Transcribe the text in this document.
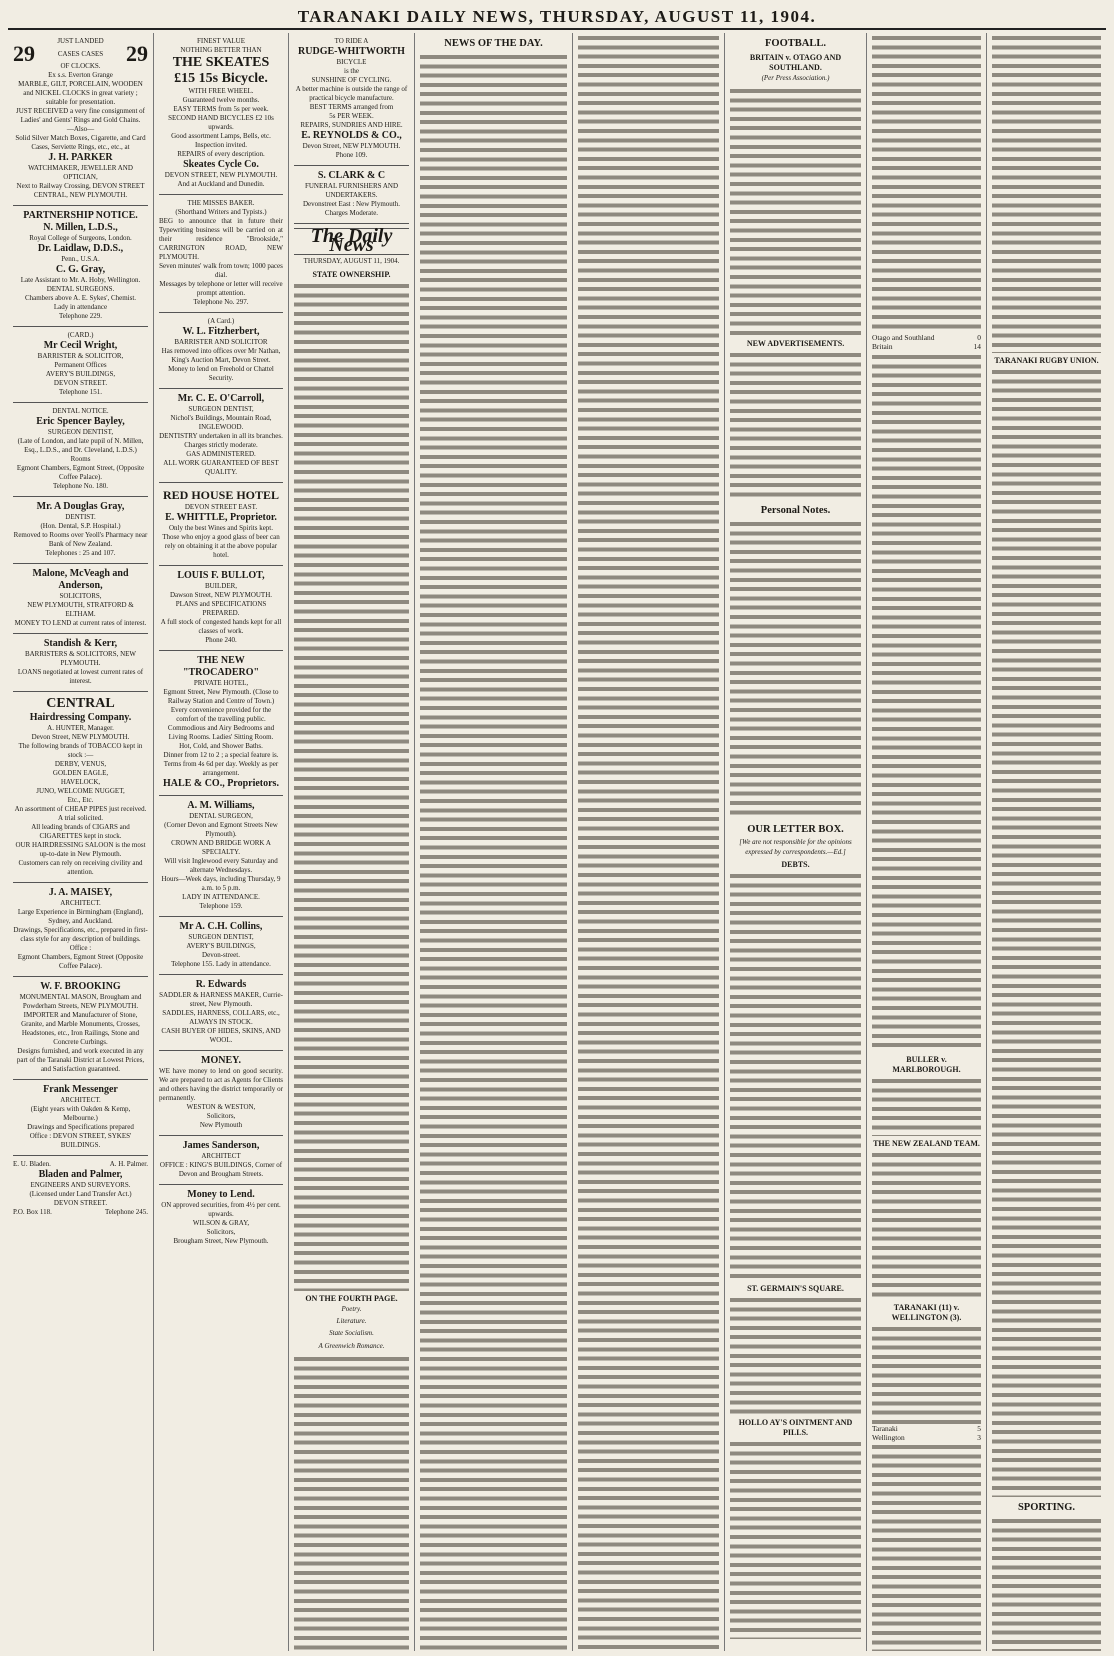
TARANAKI DAILY NEWS, THURSDAY, AUGUST 11, 1904.
JUST LANDED
29	CASES CASES 29
OF CLOCKS.
Ex s.s. Everton Grange
MARBLE, GILT, PORCELAIN, WOODEN and NICKEL CLOCKS in great variety ; suitable for presentation.
JUST RECEIVED a very fine consignment of Ladies' and Gents' Rings and Gold Chains.
—Also—
Solid Silver Match Boxes, Cigarette, and Card Cases, Serviette Rings, etc., etc., at
J. H. PARKER
WATCHMAKER, JEWELLER AND OPTICIAN,
Next to Railway Crossing, DEVON STREET CENTRAL, NEW PLYMOUTH.
PARTNERSHIP NOTICE.
N. Millen, L.D.S.,
Royal College of Surgeons, London.
Dr. Laidlaw, D.D.S.,
Penn., U.S.A.
C. G. Gray,
Late Assistant to Mr. A. Hoby, Wellington.
DENTAL SURGEONS.
Chambers above A. E. Sykes', Chemist.
Lady in attendance
Telephone 229.
(CARD.)
Mr Cecil Wright,
BARRISTER & SOLICITOR,
Permanent Offices
AVERY'S BUILDINGS,
DEVON STREET.
Telephone 151.
DENTAL NOTICE.
Eric Spencer Bayley,
SURGEON DENTIST,
(Late of London, and late pupil of N. Millen, Esq., L.D.S., and Dr. Cleveland, L.D.S.)
Rooms
Egmont Chambers, Egmont Street, (Opposite Coffee Palace).
Telephone No. 180.
Mr. A Douglas Gray,
DENTIST.
(Hon. Dental, S.P. Hospital.)
Removed to Rooms over Yeoll's Pharmacy near Bank of New Zealand.
Telephones : 25 and 107.
Malone, McVeagh and Anderson,
SOLICITORS,
NEW PLYMOUTH, STRATFORD & ELTHAM.
MONEY TO LEND at current rates of interest.
Standish & Kerr,
BARRISTERS & SOLICITORS, NEW PLYMOUTH.
LOANS negotiated at lowest current rates of interest.
CENTRAL
Hairdressing Company.
A. HUNTER, Manager.
Devon Street, NEW PLYMOUTH.
The following brands of TOBACCO kept in stock :—
DERBY, VENUS,
GOLDEN EAGLE,
HAVELOCK,
JUNO, WELCOME NUGGET,
Etc., Etc.
An assortment of CHEAP PIPES just received. A trial solicited.
All leading brands of CIGARS and CIGARETTES kept in stock.
OUR HAIRDRESSING SALOON is the most up-to-date in New Plymouth.
Customers can rely on receiving civility and attention.
J. A. MAISEY,
ARCHITECT.
Large Experience in Birmingham (England), Sydney, and Auckland.
Drawings, Specifications, etc., prepared in first-class style for any description of buildings.
Office :
Egmont Chambers, Egmont Street (Opposite Coffee Palace).
W. F. BROOKING
MONUMENTAL MASON, Brougham and Powderham Streets, NEW PLYMOUTH.
IMPORTER and Manufacturer of Stone, Granite, and Marble Monuments, Crosses, Headstones, etc., Iron Railings, Stone and Concrete Curbings.
Designs furnished, and work executed in any part of the Taranaki District at Lowest Prices, and Satisfaction guaranteed.
Frank Messenger
ARCHITECT.
(Eight years with Oakden & Kemp, Melbourne.)
Drawings and Specifications prepared
Office : DEVON STREET, SYKES' BUILDINGS.
E. U. Bladen.	A. H. Palmer.
Bladen and Palmer,
ENGINEERS AND SURVEYORS.
(Licensed under Land Transfer Act.)
DEVON STREET.
P.O. Box 118.	Telephone 245.
FINEST VALUE
NOTHING BETTER THAN
THE SKEATES
£15 15s Bicycle.
WITH FREE WHEEL.
Guaranteed twelve months.
EASY TERMS from 5s per week.
SECOND HAND BICYCLES £2 10s upwards.
Good assortment Lamps, Bells, etc.
Inspection invited.
REPAIRS of every description.
Skeates Cycle Co.
DEVON STREET, NEW PLYMOUTH.
And at Auckland and Dunedin.
THE MISSES BAKER.
(Shorthand Writers and Typists.)
BEG to announce that in future their Typewriting business will be carried on at their residence "Brookside," CARRINGTON ROAD, NEW PLYMOUTH.
Seven minutes' walk from town; 1000 paces dial.
Messages by telephone or letter will receive prompt attention.
Telephone No. 297.
(A Card.)
W. L. Fitzherbert,
BARRISTER AND SOLICITOR
Has removed into offices over Mr Nathan, King's Auction Mart, Devon Street.
Money to lend on Freehold or Chattel Security.
Mr. C. E. O'Carroll,
SURGEON DENTIST,
Nichol's Buildings, Mountain Road, INGLEWOOD.
DENTISTRY undertaken in all its branches. Charges strictly moderate.
GAS ADMINISTERED.
ALL WORK GUARANTEED OF BEST QUALITY.
RED HOUSE HOTEL
DEVON STREET EAST.
E. WHITTLE, Proprietor.
Only the best Wines and Spirits kept.
Those who enjoy a good glass of beer can rely on obtaining it at the above popular hotel.
LOUIS F. BULLOT,
BUILDER,
Dawson Street, NEW PLYMOUTH.
PLANS and SPECIFICATIONS PREPARED.
A full stock of congested hands kept for all classes of work.
Phone 240.
THE NEW "TROCADERO"
PRIVATE HOTEL,
Egmont Street, New Plymouth. (Close to Railway Station and Centre of Town.)
Every convenience provided for the comfort of the travelling public. Commodious and Airy Bedrooms and Living Rooms. Ladies' Sitting Room.
Hot, Cold, and Shower Baths.
Dinner from 12 to 2 ; a special feature is.
Terms from 4s 6d per day. Weekly as per arrangement.
HALE & CO., Proprietors.
A. M. Williams,
DENTAL SURGEON,
(Corner Devon and Egmont Streets New Plymouth).
CROWN AND BRIDGE WORK A SPECIALTY.
Will visit Inglewood every Saturday and alternate Wednesdays.
Hours—Week days, including Thursday, 9 a.m. to 5 p.m.
LADY IN ATTENDANCE.
Telephone 159.
Mr A. C.H. Collins,
SURGEON DENTIST,
AVERY'S BUILDINGS,
Devon-street.
Telephone 155. Lady in attendance.
R. Edwards
SADDLER & HARNESS MAKER, Currie-street, New Plymouth.
SADDLES, HARNESS, COLLARS, etc., ALWAYS IN STOCK.
CASH BUYER OF HIDES, SKINS, AND WOOL.
MONEY.
WE have money to lend on good security. We are prepared to act as Agents for Clients and others having the district temporarily or permanently.
WESTON & WESTON,
Solicitors,
New Plymouth
James Sanderson,
ARCHITECT
OFFICE : KING'S BUILDINGS, Corner of Devon and Brougham Streets.
Money to Lend.
ON approved securities, from 4½ per cent. upwards.
WILSON & GRAY,
Solicitors,
Brougham Street, New Plymouth.
TO RIDE A
RUDGE-WHITWORTH
BICYCLE
is the
SUNSHINE OF CYCLING.
A better machine is outside the range of practical bicycle manufacture.
BEST TERMS arranged from
5s PER WEEK.
REPAIRS, SUNDRIES AND HIRE.
E. REYNOLDS & CO.,
Devon Street, NEW PLYMOUTH.
Phone 109.
S. CLARK & C
FUNERAL FURNISHERS AND UNDERTAKERS.
Devonstreet East : New Plymouth.
Charges Moderate.
The Daily News
THURSDAY, AUGUST 11, 1904.
STATE OWNERSHIP.
ON THE FOURTH PAGE.
Poetry.
Literature.
State Socialism.
A Greenwich Romance.
NEWS OF THE DAY.	FOOTBALL.
BRITAIN v. OTAGO AND SOUTHLAND.
(Per Press Association.)
NEW ADVERTISEMENTS.
Personal Notes.
OUR LETTER BOX.
[We are not responsible for the opinions expressed by correspondents.—Ed.]
DEBTS.
ST. GERMAIN'S SQUARE.
HOLLO AY'S OINTMENT AND PILLS.
Otago and Southland	0
Britain	14
BULLER v. MARLBOROUGH.
THE NEW ZEALAND TEAM.
TARANAKI (11) v. WELLINGTON (3).
Taranaki	5
Wellington	3
TARANAKI RUGBY UNION.
SPORTING.
